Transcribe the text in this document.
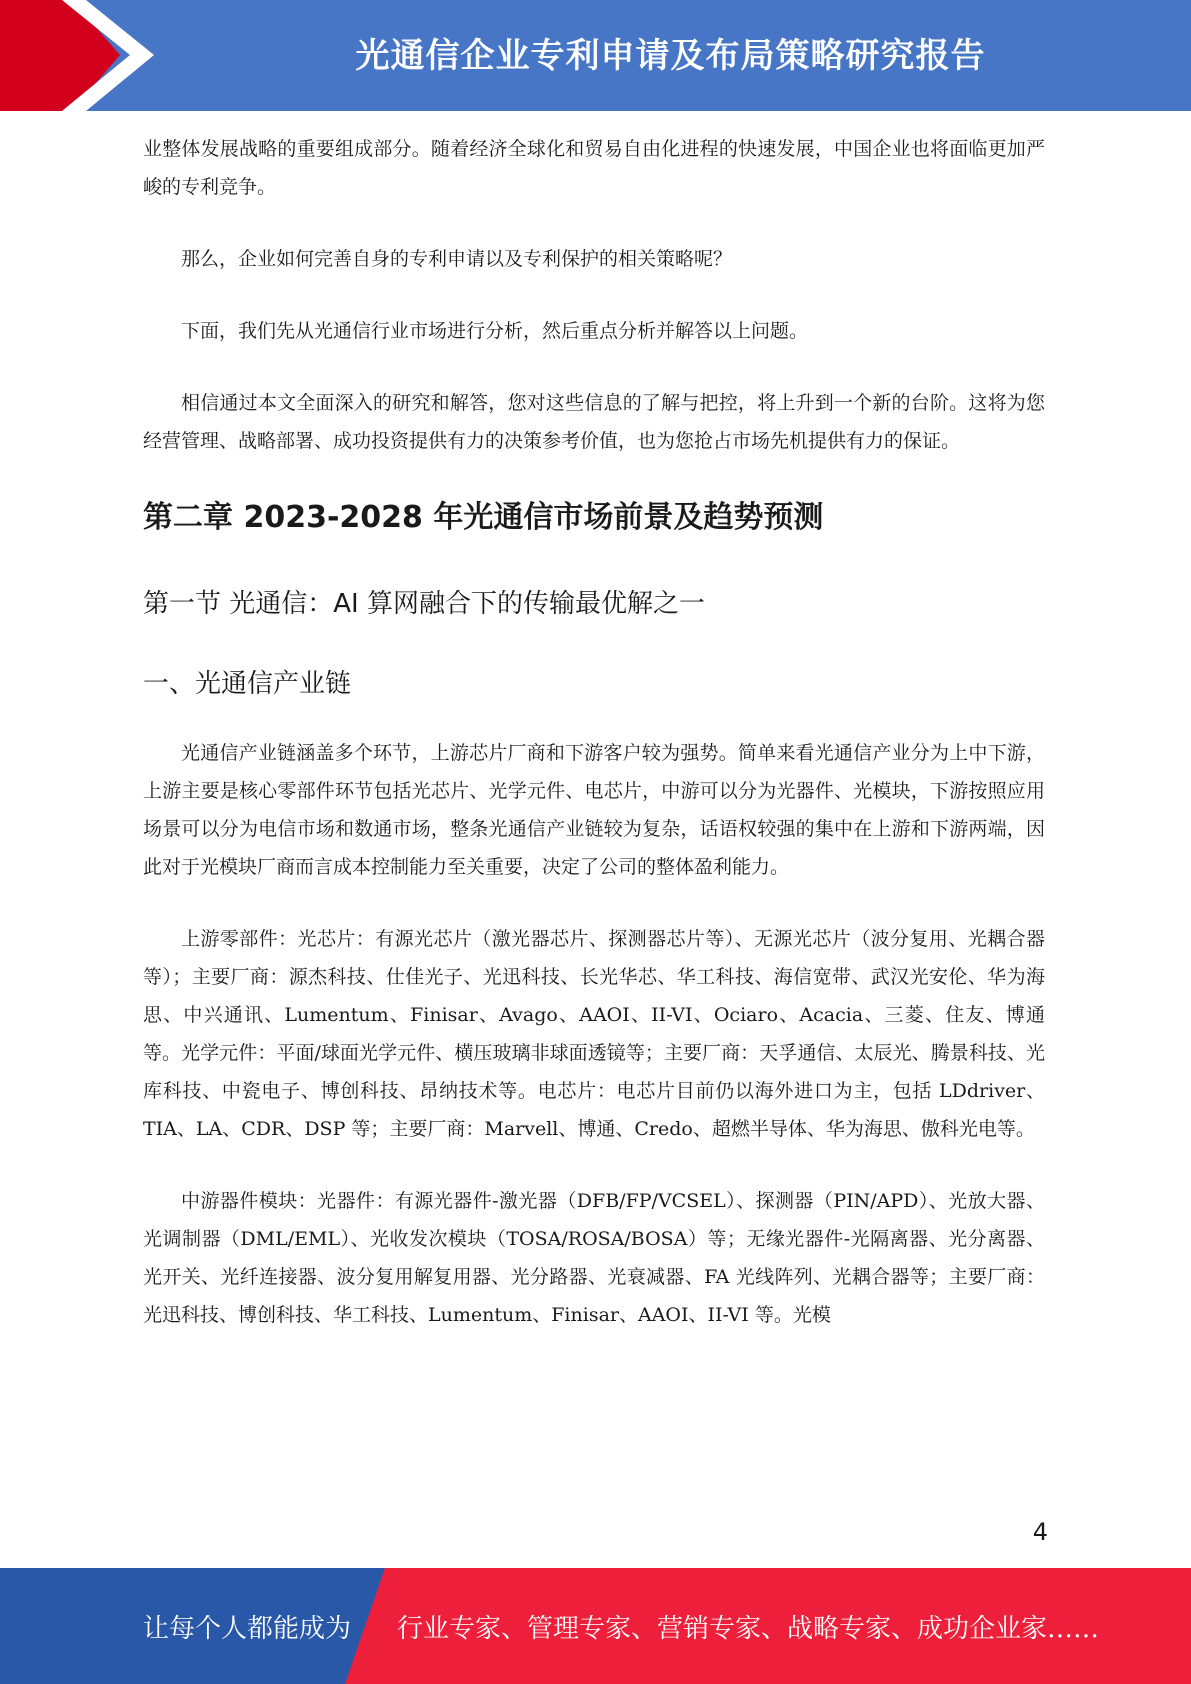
光通信企业专利申请及布局策略研究报告

业整体发展战略的重要组成部分。随着经济全球化和贸易自由化进程的快速发展，中国企业也将面临更加严峻的专利竞争。

那么，企业如何完善自身的专利申请以及专利保护的相关策略呢？

下面，我们先从光通信行业市场进行分析，然后重点分析并解答以上问题。

相信通过本文全面深入的研究和解答，您对这些信息的了解与把控，将上升到一个新的台阶。这将为您经营管理、战略部署、成功投资提供有力的决策参考价值，也为您抢占市场先机提供有力的保证。

第二章 2023-2028 年光通信市场前景及趋势预测
第一节 光通信：AI 算网融合下的传输最优解之一
一、光通信产业链

光通信产业链涵盖多个环节，上游芯片厂商和下游客户较为强势。简单来看光通信产业分为上中下游，上游主要是核心零部件环节包括光芯片、光学元件、电芯片，中游可以分为光器件、光模块，下游按照应用场景可以分为电信市场和数通市场，整条光通信产业链较为复杂，话语权较强的集中在上游和下游两端，因此对于光模块厂商而言成本控制能力至关重要，决定了公司的整体盈利能力。

上游零部件：光芯片：有源光芯片（激光器芯片、探测器芯片等）、无源光芯片（波分复用、光耦合器等）；主要厂商：源杰科技、仕佳光子、光迅科技、长光华芯、华工科技、海信宽带、武汉光安伦、华为海思、中兴通讯、Lumentum、Finisar、Avago、AAOI、II-VI、Ociaro、Acacia、三菱、住友、博通等。光学元件：平面/球面光学元件、横压玻璃非球面透镜等；主要厂商：天孚通信、太辰光、腾景科技、光库科技、中瓷电子、博创科技、昂纳技术等。电芯片：电芯片目前仍以海外进口为主，包括 LDdriver、TIA、LA、CDR、DSP 等；主要厂商：Marvell、博通、Credo、超燃半导体、华为海思、傲科光电等。

中游器件模块：光器件：有源光器件-激光器（DFB/FP/VCSEL）、探测器（PIN/APD）、光放大器、光调制器（DML/EML）、光收发次模块（TOSA/ROSA/BOSA）等；无缘光器件-光隔离器、光分离器、光开关、光纤连接器、波分复用解复用器、光分路器、光衰减器、FA 光线阵列、光耦合器等；主要厂商：光迅科技、博创科技、华工科技、Lumentum、Finisar、AAOI、II-VI 等。光模

4
让每个人都能成为 行业专家、管理专家、营销专家、战略专家、成功企业家……
